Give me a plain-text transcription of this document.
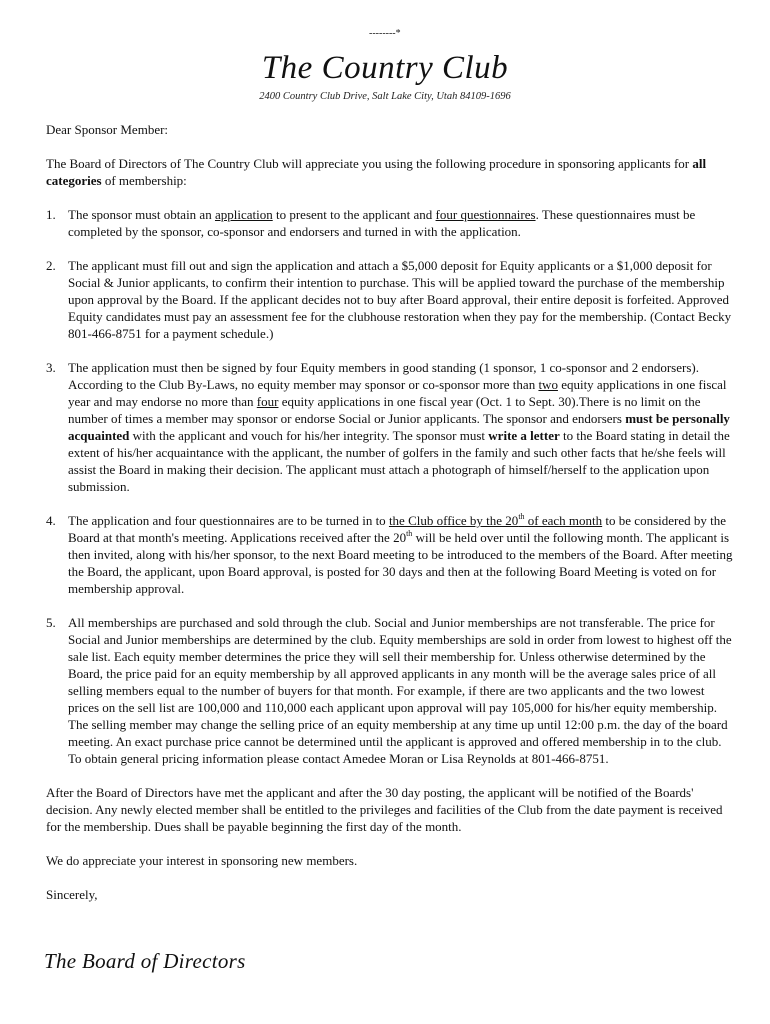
--------*
The Country Club
2400 Country Club Drive, Salt Lake City, Utah 84109-1696

Dear Sponsor Member:

The Board of Directors of The Country Club will appreciate you using the following procedure in sponsoring applicants for all categories of membership:

1. The sponsor must obtain an application to present to the applicant and four questionnaires. These questionnaires must be completed by the sponsor, co-sponsor and endorsers and turned in with the application.
2. The applicant must fill out and sign the application and attach a $5,000 deposit for Equity applicants or a $1,000 deposit for Social & Junior applicants, to confirm their intention to purchase. This will be applied toward the purchase of the membership upon approval by the Board. If the applicant decides not to buy after Board approval, their entire deposit is forfeited. Approved Equity candidates must pay an assessment fee for the clubhouse restoration when they pay for the membership. (Contact Becky 801-466-8751 for a payment schedule.)
3. The application must then be signed by four Equity members in good standing (1 sponsor, 1 co-sponsor and 2 endorsers). According to the Club By-Laws, no equity member may sponsor or co-sponsor more than two equity applications in one fiscal year and may endorse no more than four equity applications in one fiscal year (Oct. 1 to Sept. 30).There is no limit on the number of times a member may sponsor or endorse Social or Junior applicants. The sponsor and endorsers must be personally acquainted with the applicant and vouch for his/her integrity. The sponsor must write a letter to the Board stating in detail the extent of his/her acquaintance with the applicant, the number of golfers in the family and such other facts that he/she feels will assist the Board in making their decision. The applicant must attach a photograph of himself/herself to the application upon submission.
4. The application and four questionnaires are to be turned in to the Club office by the 20th of each month to be considered by the Board at that month's meeting. Applications received after the 20th will be held over until the following month. The applicant is then invited, along with his/her sponsor, to the next Board meeting to be introduced to the members of the Board. After meeting the Board, the applicant, upon Board approval, is posted for 30 days and then at the following Board Meeting is voted on for membership approval.
5. All memberships are purchased and sold through the club. Social and Junior memberships are not transferable. The price for Social and Junior memberships are determined by the club. Equity memberships are sold in order from lowest to highest off the sale list. Each equity member determines the price they will sell their membership for. Unless otherwise determined by the Board, the price paid for an equity membership by all approved applicants in any month will be the average sales price of all selling members equal to the number of buyers for that month. For example, if there are two applicants and the two lowest prices on the sell list are 100,000 and 110,000 each applicant upon approval will pay 105,000 for his/her equity membership. The selling member may change the selling price of an equity membership at any time up until 12:00 p.m. the day of the board meeting. An exact purchase price cannot be determined until the applicant is approved and offered membership in to the club. To obtain general pricing information please contact Amedee Moran or Lisa Reynolds at 801-466-8751.

After the Board of Directors have met the applicant and after the 30 day posting, the applicant will be notified of the Boards' decision. Any newly elected member shall be entitled to the privileges and facilities of the Club from the date payment is received for the membership. Dues shall be payable beginning the first day of the month.

We do appreciate your interest in sponsoring new members.

Sincerely,

The Board of Directors
